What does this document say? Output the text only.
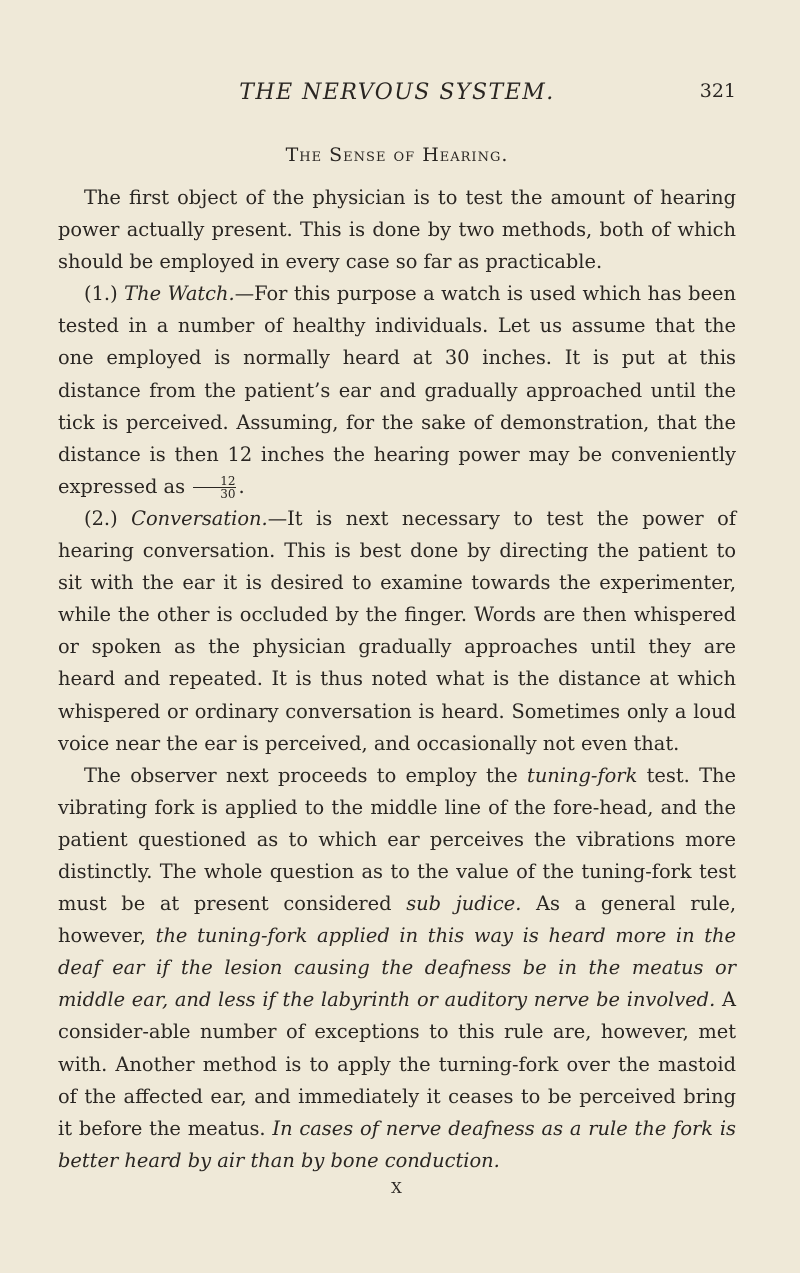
THE NERVOUS SYSTEM.	321
The Sense of Hearing.

The first object of the physician is to test the amount of hearing power actually present. This is done by two methods, both of which should be employed in every case so far as practicable.

(1.) The Watch.—For this purpose a watch is used which has been tested in a number of healthy individuals. Let us assume that the one employed is normally heard at 30 inches. It is put at this distance from the patient’s ear and gradually approached until the tick is perceived. Assuming, for the sake of demonstration, that the distance is then 12 inches the hearing power may be conveniently expressed as $\frac{12}{30}$ .

(2.) Conversation.—It is next necessary to test the power of hearing conversation. This is best done by directing the patient to sit with the ear it is desired to examine towards the experimenter, while the other is occluded by the finger. Words are then whispered or spoken as the physician gradually approaches until they are heard and repeated. It is thus noted what is the distance at which whispered or ordinary conversation is heard. Sometimes only a loud voice near the ear is perceived, and occasionally not even that.

The observer next proceeds to employ the tuning-fork test. The vibrating fork is applied to the middle line of the fore-head, and the patient questioned as to which ear perceives the vibrations more distinctly. The whole question as to the value of the tuning-fork test must be at present considered sub judice. As a general rule, however, the tuning-fork applied in this way is heard more in the deaf ear if the lesion causing the deafness be in the meatus or middle ear, and less if the labyrinth or auditory nerve be involved. A consider-able number of exceptions to this rule are, however, met with. Another method is to apply the turning-fork over the mastoid of the affected ear, and immediately it ceases to be perceived bring it before the meatus. In cases of nerve deafness as a rule the fork is better heard by air than by bone conduction.

X
